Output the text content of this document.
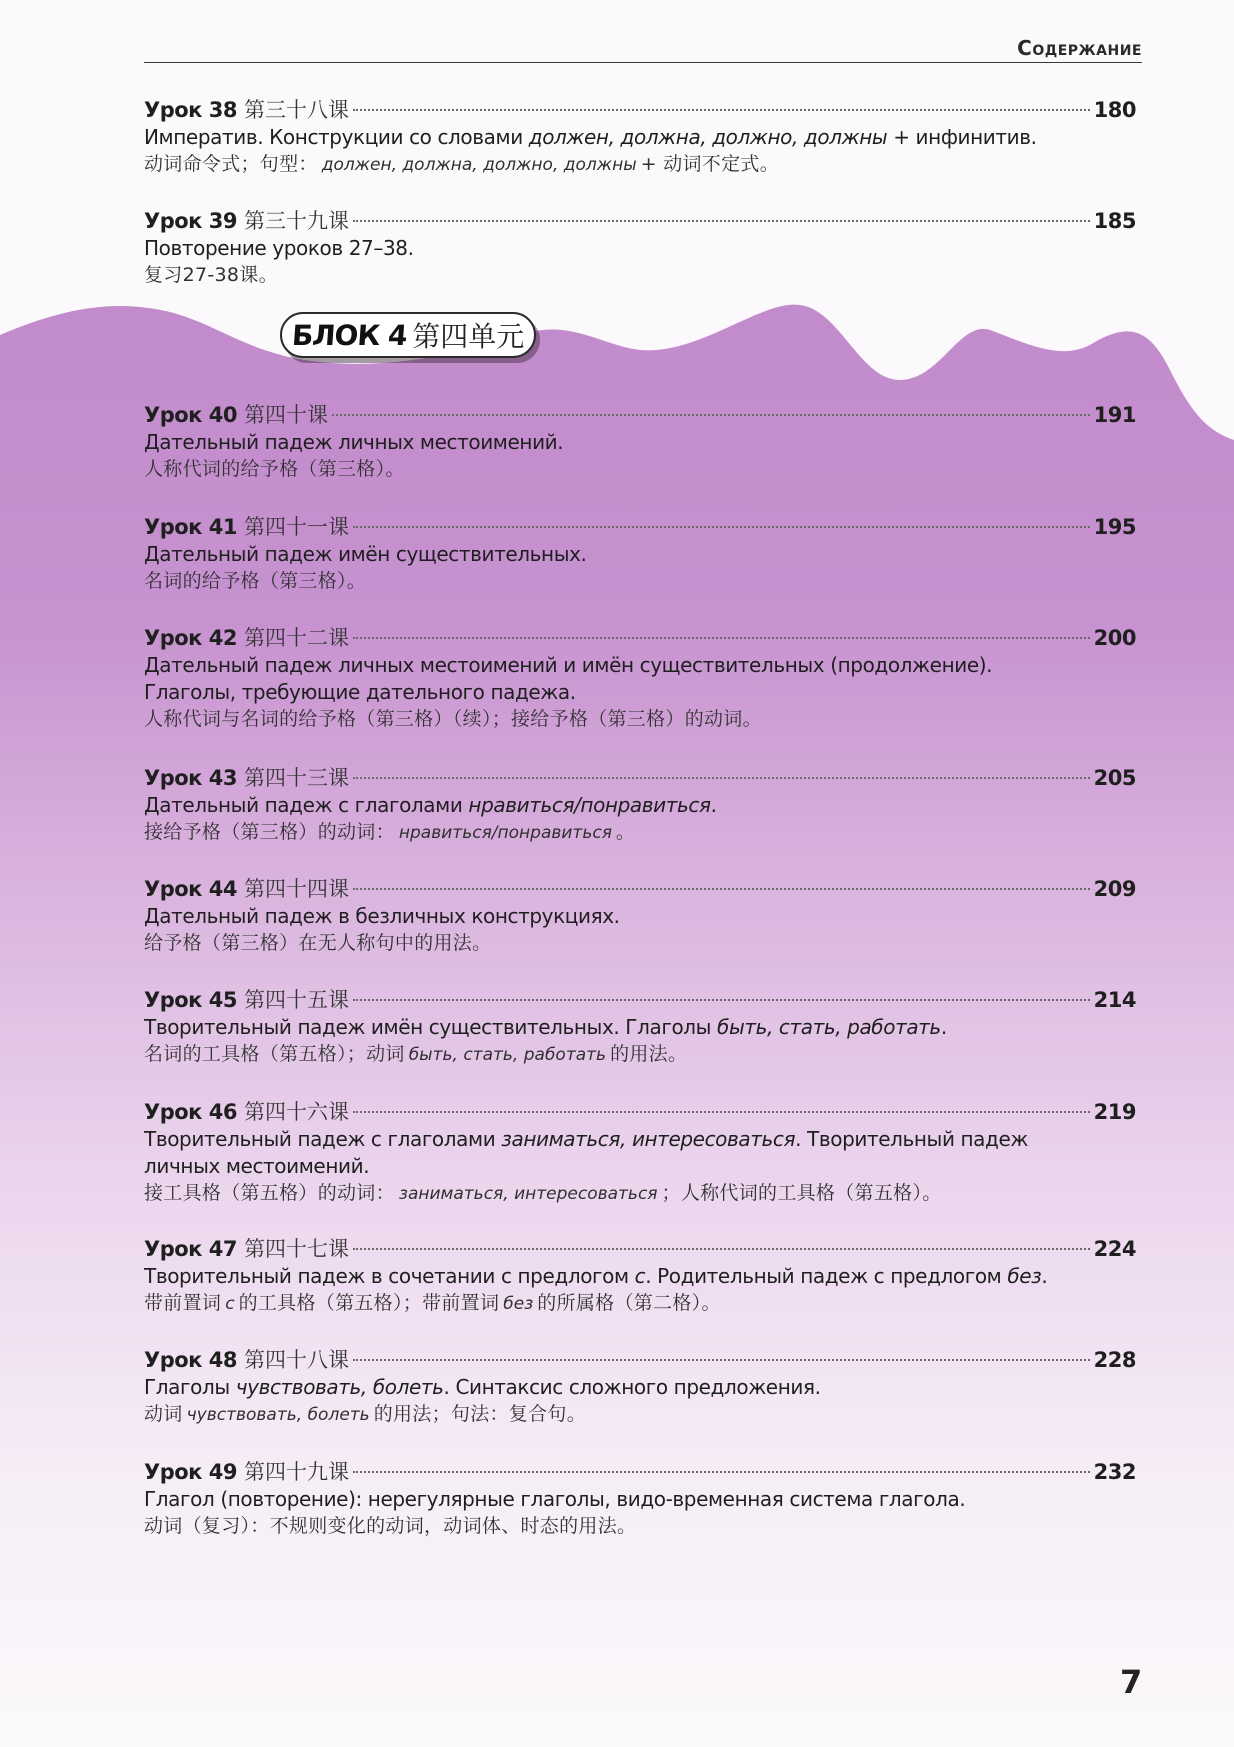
Содержание
БЛОК 4 第四单元
Урок 38 第三十八课	180
Императив. Конструкции со словами должен, должна, должно, должны + инфинитив.
动词命令式；句型： должен, должна, должно, должны + 动词不定式。
Урок 39 第三十九课	185
Повторение уроков 27–38.
复习27-38课。
Урок 40 第四十课	191
Дательный падеж личных местоимений.
人称代词的给予格（第三格）。
Урок 41 第四十一课	195
Дательный падеж имён существительных.
名词的给予格（第三格）。
Урок 42 第四十二课	200
Дательный падеж личных местоимений и имён существительных (продолжение).
Глаголы, требующие дательного падежа.
人称代词与名词的给予格（第三格）（续）；接给予格（第三格）的动词。
Урок 43 第四十三课	205
Дательный падеж с глаголами нравиться/понравиться.
接给予格（第三格）的动词： нравиться/понравиться 。
Урок 44 第四十四课	209
Дательный падеж в безличных конструкциях.
给予格（第三格）在无人称句中的用法。
Урок 45 第四十五课	214
Творительный падеж имён существительных. Глаголы быть, стать, работать.
名词的工具格（第五格）；动词 быть, стать, работать 的用法。
Урок 46 第四十六课	219
Творительный падеж с глаголами заниматься, интересоваться. Творительный падеж
личных местоимений.
接工具格（第五格）的动词： заниматься, интересоваться ；人称代词的工具格（第五格）。
Урок 47 第四十七课	224
Творительный падеж в сочетании с предлогом с. Родительный падеж с предлогом без.
带前置词 с 的工具格（第五格）；带前置词 без 的所属格（第二格）。
Урок 48 第四十八课	228
Глаголы чувствовать, болеть. Синтаксис сложного предложения.
动词 чувствовать, болеть 的用法；句法：复合句。
Урок 49 第四十九课	232
Глагол (повторение): нерегулярные глаголы, видо-временная система глагола.
动词（复习）：不规则变化的动词，动词体、时态的用法。
7
